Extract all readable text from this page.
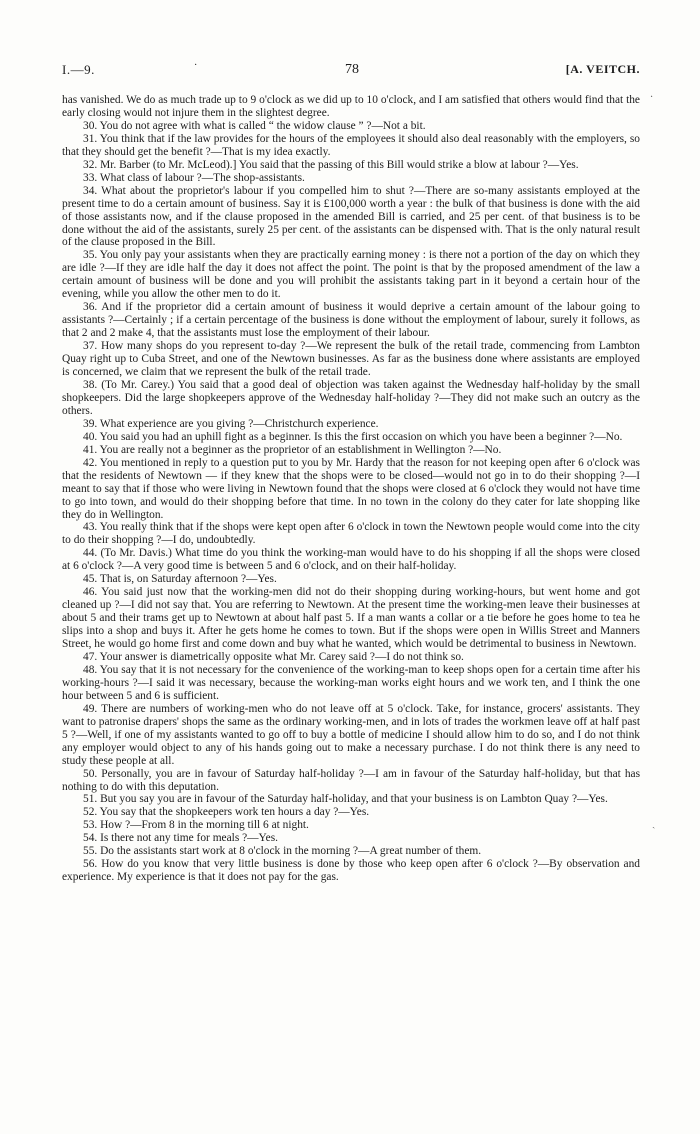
I.—9.	·	78	[A. VEITCH.

has vanished. We do as much trade up to 9 o'clock as we did up to 10 o'clock, and I am satisfied that others would find that the early closing would not injure them in the slightest degree.

30. You do not agree with what is called “ the widow clause ” ?—Not a bit.

31. You think that if the law provides for the hours of the employees it should also deal reasonably with the employers, so that they should get the benefit ?—That is my idea exactly.

32. Mr. Barber (to Mr. McLeod).] You said that the passing of this Bill would strike a blow at labour ?—Yes.

33. What class of labour ?—The shop-assistants.

34. What about the proprietor's labour if you compelled him to shut ?—There are so-many assistants employed at the present time to do a certain amount of business. Say it is £100,000 worth a year : the bulk of that business is done with the aid of those assistants now, and if the clause proposed in the amended Bill is carried, and 25 per cent. of that business is to be done without the aid of the assistants, surely 25 per cent. of the assistants can be dispensed with. That is the only natural result of the clause proposed in the Bill.

35. You only pay your assistants when they are practically earning money : is there not a portion of the day on which they are idle ?—If they are idle half the day it does not affect the point. The point is that by the proposed amendment of the law a certain amount of business will be done and you will prohibit the assistants taking part in it beyond a certain hour of the evening, while you allow the other men to do it.

36. And if the proprietor did a certain amount of business it would deprive a certain amount of the labour going to assistants ?—Certainly ; if a certain percentage of the business is done without the employment of labour, surely it follows, as that 2 and 2 make 4, that the assistants must lose the employment of their labour.

37. How many shops do you represent to-day ?—We represent the bulk of the retail trade, commencing from Lambton Quay right up to Cuba Street, and one of the Newtown businesses. As far as the business done where assistants are employed is concerned, we claim that we represent the bulk of the retail trade.

38. (To Mr. Carey.) You said that a good deal of objection was taken against the Wednesday half-holiday by the small shopkeepers. Did the large shopkeepers approve of the Wednesday half-holiday ?—They did not make such an outcry as the others.

39. What experience are you giving ?—Christchurch experience.

40. You said you had an uphill fight as a beginner. Is this the first occasion on which you have been a beginner ?—No.

41. You are really not a beginner as the proprietor of an establishment in Wellington ?—No.

42. You mentioned in reply to a question put to you by Mr. Hardy that the reason for not keeping open after 6 o'clock was that the residents of Newtown — if they knew that the shops were to be closed—would not go in to do their shopping ?—I meant to say that if those who were living in Newtown found that the shops were closed at 6 o'clock they would not have time to go into town, and would do their shopping before that time. In no town in the colony do they cater for late shopping like they do in Wellington.

43. You really think that if the shops were kept open after 6 o'clock in town the Newtown people would come into the city to do their shopping ?—I do, undoubtedly.

44. (To Mr. Davis.) What time do you think the working-man would have to do his shopping if all the shops were closed at 6 o'clock ?—A very good time is between 5 and 6 o'clock, and on their half-holiday.

45. That is, on Saturday afternoon ?—Yes.

46. You said just now that the working-men did not do their shopping during working-hours, but went home and got cleaned up ?—I did not say that. You are referring to Newtown. At the present time the working-men leave their businesses at about 5 and their trams get up to Newtown at about half past 5. If a man wants a collar or a tie before he goes home to tea he slips into a shop and buys it. After he gets home he comes to town. But if the shops were open in Willis Street and Manners Street, he would go home first and come down and buy what he wanted, which would be detrimental to business in Newtown.

47. Your answer is diametrically opposite what Mr. Carey said ?—I do not think so.

48. You say that it is not necessary for the convenience of the working-man to keep shops open for a certain time after his working-hours ?—I said it was necessary, because the working-man works eight hours and we work ten, and I think the one hour between 5 and 6 is sufficient.

49. There are numbers of working-men who do not leave off at 5 o'clock. Take, for instance, grocers' assistants. They want to patronise drapers' shops the same as the ordinary working-men, and in lots of trades the workmen leave off at half past 5 ?—Well, if one of my assistants wanted to go off to buy a bottle of medicine I should allow him to do so, and I do not think any employer would object to any of his hands going out to make a necessary purchase. I do not think there is any need to study these people at all.

50. Personally, you are in favour of Saturday half-holiday ?—I am in favour of the Saturday half-holiday, but that has nothing to do with this deputation.

51. But you say you are in favour of the Saturday half-holiday, and that your business is on Lambton Quay ?—Yes.

52. You say that the shopkeepers work ten hours a day ?—Yes.

53. How ?—From 8 in the morning till 6 at night.

54. Is there not any time for meals ?—Yes.

55. Do the assistants start work at 8 o'clock in the morning ?—A great number of them.

56. How do you know that very little business is done by those who keep open after 6 o'clock ?—By observation and experience. My experience is that it does not pay for the gas.

·
ˏ
